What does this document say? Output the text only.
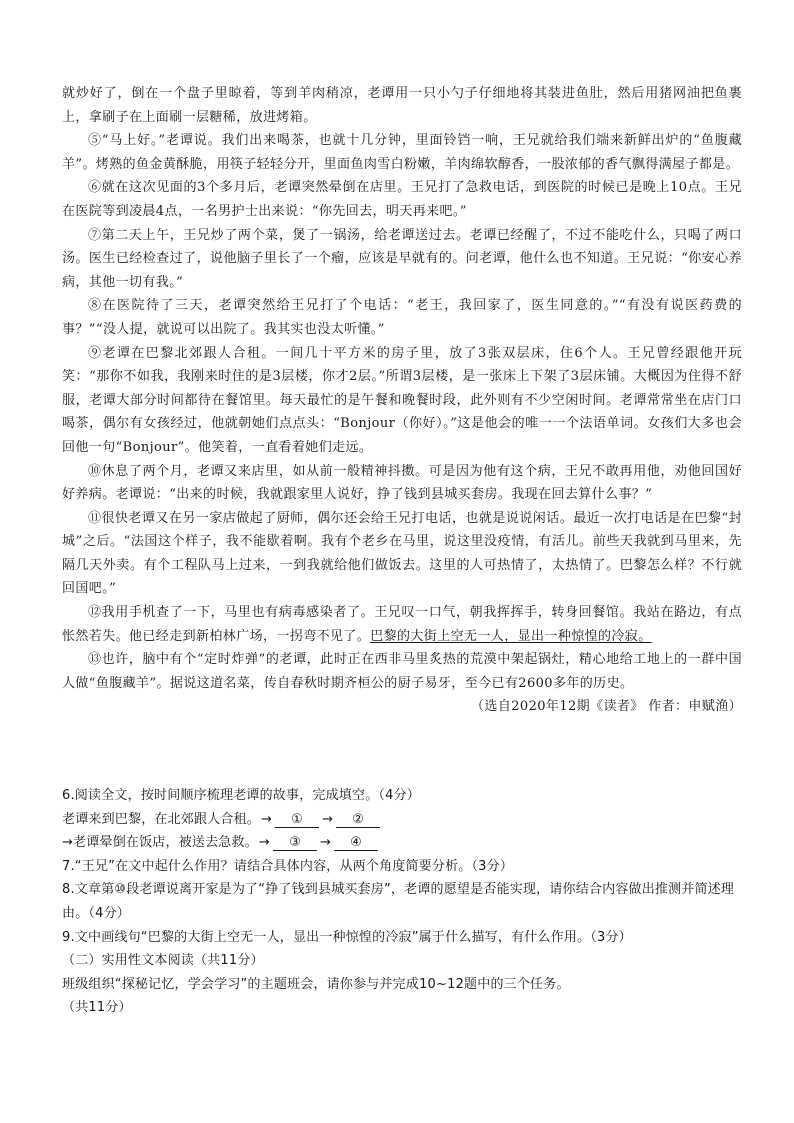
就炒好了，倒在一个盘子里晾着，等到羊肉稍凉，老谭用一只小勺子仔细地将其装进鱼肚，然后用猪网油把鱼裹上，拿刷子在上面刷一层糖稀，放进烤箱。

⑤“马上好。”老谭说。我们出来喝茶，也就十几分钟，里面铃铛一响，王兄就给我们端来新鲜出炉的“鱼腹藏羊”。烤熟的鱼金黄酥脆，用筷子轻轻分开，里面鱼肉雪白粉嫩，羊肉绵软醇香，一股浓郁的香气飘得满屋子都是。

⑥就在这次见面的3个多月后，老谭突然晕倒在店里。王兄打了急救电话，到医院的时候已是晚上10点。王兄在医院等到凌晨4点，一名男护士出来说：“你先回去，明天再来吧。”

⑦第二天上午，王兄炒了两个菜，煲了一锅汤，给老谭送过去。老谭已经醒了，不过不能吃什么，只喝了两口汤。医生已经检查过了，说他脑子里长了一个瘤，应该是早就有的。问老谭，他什么也不知道。王兄说：“你安心养病，其他一切有我。”

⑧在医院待了三天，老谭突然给王兄打了个电话：“老王，我回家了，医生同意的。”“有没有说医药费的事？”“没人提，就说可以出院了。我其实也没太听懂。”

⑨老谭在巴黎北郊跟人合租。一间几十平方米的房子里，放了3张双层床，住6个人。王兄曾经跟他开玩笑：“那你不如我，我刚来时住的是3层楼，你才2层。”所谓3层楼，是一张床上下架了3层床铺。大概因为住得不舒服，老谭大部分时间都待在餐馆里。每天最忙的是午餐和晚餐时段，此外则有不少空闲时间。老谭常常坐在店门口喝茶，偶尔有女孩经过，他就朝她们点点头：“Bonjour（你好）。”这是他会的唯一一个法语单词。女孩们大多也会回他一句“Bonjour”。他笑着，一直看着她们走远。

⑩休息了两个月，老谭又来店里，如从前一般精神抖擞。可是因为他有这个病，王兄不敢再用他，劝他回国好好养病。老谭说：“出来的时候，我就跟家里人说好，挣了钱到县城买套房。我现在回去算什么事？”

⑪很快老谭又在另一家店做起了厨师，偶尔还会给王兄打电话，也就是说说闲话。最近一次打电话是在巴黎“封城”之后。“法国这个样子，我不能歇着啊。我有个老乡在马里，说这里没疫情，有活儿。前些天我就到马里来，先隔几天外卖。有个工程队马上过来，一到我就给他们做饭去。这里的人可热情了，太热情了。巴黎怎么样？不行就回国吧。”

⑫我用手机查了一下，马里也有病毒感染者了。王兄叹一口气，朝我挥挥手，转身回餐馆。我站在路边，有点怅然若失。他已经走到新柏林广场，一拐弯不见了。巴黎的大街上空无一人，显出一种惊惶的冷寂。

⑬也许，脑中有个“定时炸弹”的老谭，此时正在西非马里炙热的荒漠中架起锅灶，精心地给工地上的一群中国人做“鱼腹藏羊”。据说这道名菜，传自春秋时期齐桓公的厨子易牙，至今已有2600多年的历史。

（选自2020年12期《读者》 作者：申赋渔）

6.阅读全文，按时间顺序梳理老谭的故事，完成填空。（4分）

老谭来到巴黎，在北郊跟人合租。→ ① → ②

→老谭晕倒在饭店，被送去急救。→ ③ → ④

7.“王兄”在文中起什么作用？请结合具体内容，从两个角度简要分析。（3分）

8.文章第⑩段老谭说离开家是为了“挣了钱到县城买套房”，老谭的愿望是否能实现，请你结合内容做出推测并简述理由。（4分）

9.文中画线句“巴黎的大街上空无一人，显出一种惊惶的冷寂”属于什么描写，有什么作用。（3分）

（二）实用性文本阅读（共11分）

班级组织“探秘记忆，学会学习”的主题班会，请你参与并完成10~12题中的三个任务。

（共11分）
